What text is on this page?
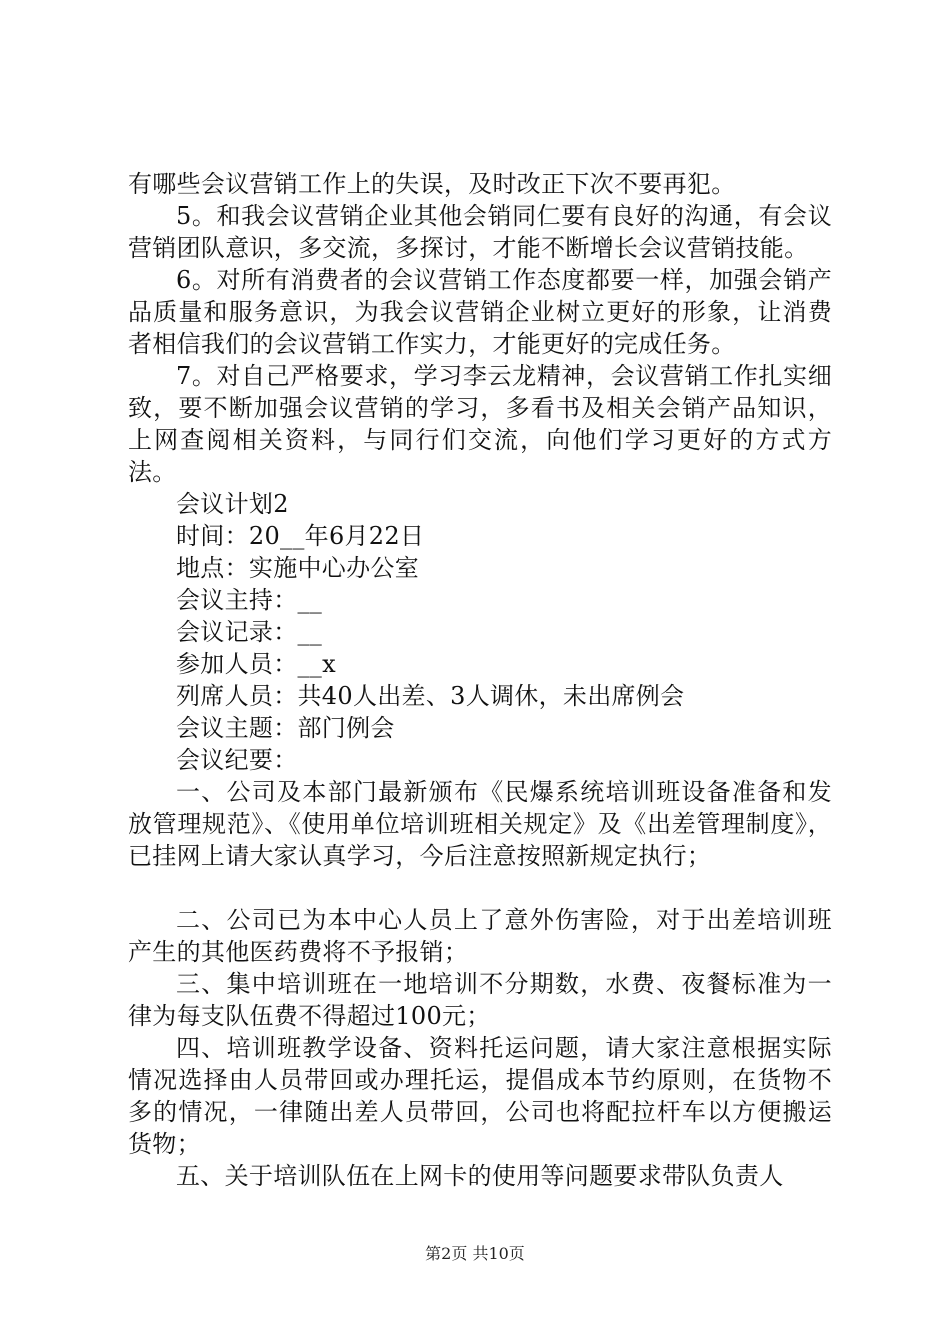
有哪些会议营销工作上的失误，及时改正下次不要再犯。

5。和我会议营销企业其他会销同仁要有良好的沟通，有会议营销团队意识，多交流，多探讨，才能不断增长会议营销技能。

6。对所有消费者的会议营销工作态度都要一样，加强会销产品质量和服务意识，为我会议营销企业树立更好的形象，让消费者相信我们的会议营销工作实力，才能更好的完成任务。

7。对自己严格要求，学习李云龙精神，会议营销工作扎实细致，要不断加强会议营销的学习，多看书及相关会销产品知识，上网查阅相关资料，与同行们交流，向他们学习更好的方式方法。

会议计划2

时间：20__年6月22日

地点：实施中心办公室

会议主持：__

会议记录：__

参加人员：__x

列席人员：共40人出差、3人调休，未出席例会

会议主题：部门例会

会议纪要：

一、公司及本部门最新颁布《民爆系统培训班设备准备和发放管理规范》、《使用单位培训班相关规定》及《出差管理制度》，已挂网上请大家认真学习，今后注意按照新规定执行；

二、公司已为本中心人员上了意外伤害险，对于出差培训班产生的其他医药费将不予报销；

三、集中培训班在一地培训不分期数，水费、夜餐标准为一律为每支队伍费不得超过100元；

四、培训班教学设备、资料托运问题，请大家注意根据实际情况选择由人员带回或办理托运，提倡成本节约原则，在货物不多的情况，一律随出差人员带回，公司也将配拉杆车以方便搬运货物；

五、关于培训队伍在上网卡的使用等问题要求带队负责人

第2页 共10页
